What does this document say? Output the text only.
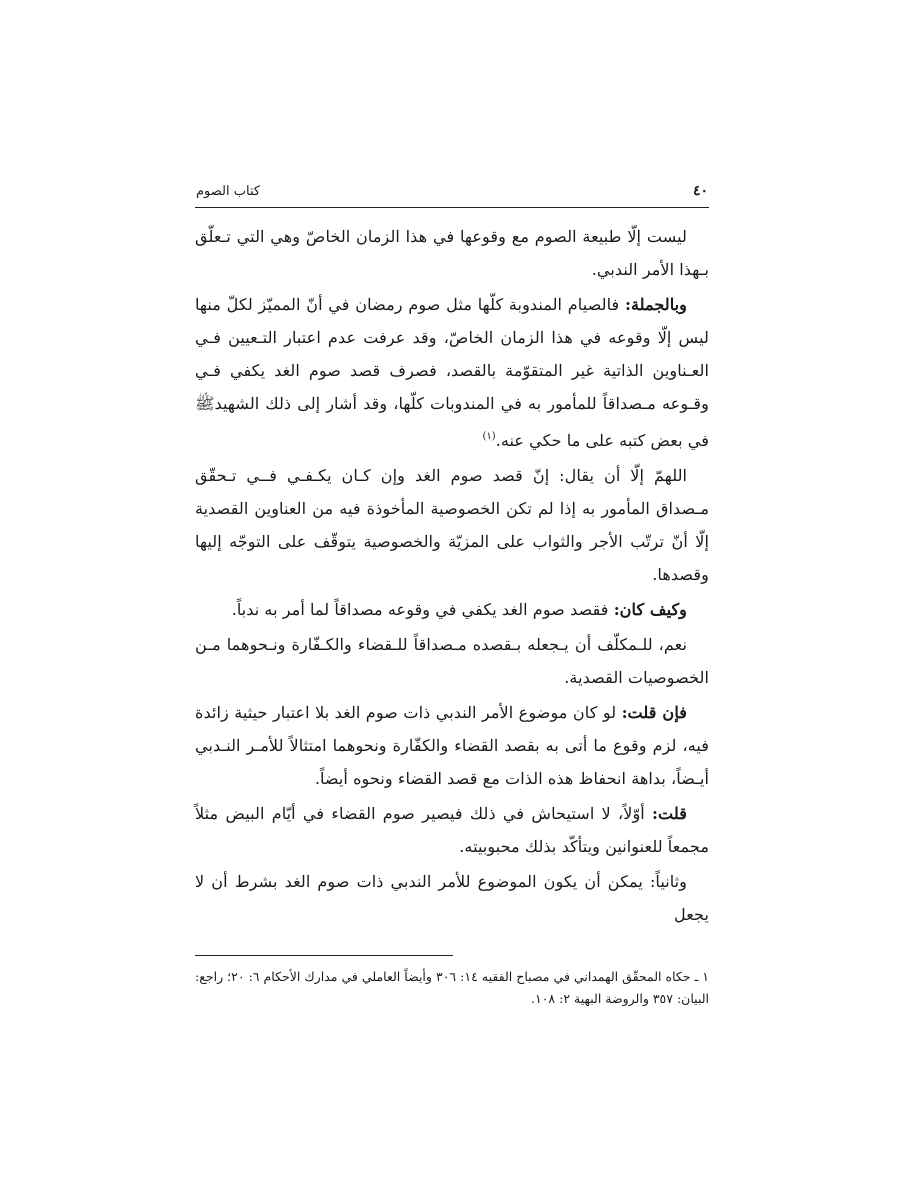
٤٠
كتاب الصوم

ليست إلّا طبيعة الصوم مع وقوعها في هذا الزمان الخاصّ وهي التي تـعلّق بـهذا الأمر الندبي.

وبالجملة: فالصيام المندوبة كلّها مثل صوم رمضان في أنّ المميّز لكلّ منها ليس إلّا وقوعه في هذا الزمان الخاصّ، وقد عرفت عدم اعتبار التـعيين فـي العـناوين الذاتية غير المتقوّمة بالقصد، فصرف قصد صوم الغد يكفي فـي وقـوعه مـصداقاً للمأمور به في المندوبات كلّها، وقد أشار إلى ذلك الشهيدﷺ في بعض كتبه على ما حكي عنه.$^{(١)}$

اللهمّ إلّا أن يقال: إنّ قصد صوم الغد وإن كـان يكـفـي فــي تـحقّق مـصداق المأمور به إذا لم تكن الخصوصية المأخوذة فيه من العناوين القصدية إلّا أنّ ترتّب الأجر والثواب على المزيّة والخصوصية يتوقّف على التوجّه إليها وقصدها.

وكيف كان: فقصد صوم الغد يكفي في وقوعه مصداقاً لما أمر به ندباً.

نعم، للـمكلّف أن يـجعله بـقصده مـصداقاً للـقضاء والكـفّارة ونـحوهما مـن الخصوصيات القصدية.

فإن قلت: لو كان موضوع الأمر الندبي ذات صوم الغد بلا اعتبار حيثية زائدة فيه، لزم وقوع ما أتى به بقصد القضاء والكفّارة ونحوهما امتثالاً للأمـر النـدبي أيـضاً، بداهة انحفاظ هذه الذات مع قصد القضاء ونحوه أيضاً.

قلت: أوّلاً، لا استيحاش في ذلك فيصير صوم القضاء في أيّام البيض مثلاً مجمعاً للعنوانين ويتأكّد بذلك محبوبيته.

وثانياً: يمكن أن يكون الموضوع للأمر الندبي ذات صوم الغد بشرط أن لا يجعل

١ ـ حكاه المحقّق الهمداني في مصباح الفقيه ١٤: ٣٠٦ وأيضاً العاملي في مدارك الأحكام ٦: ٢٠؛ راجع: البيان: ٣٥٧ والروضة البهية ٢: ١٠٨.
